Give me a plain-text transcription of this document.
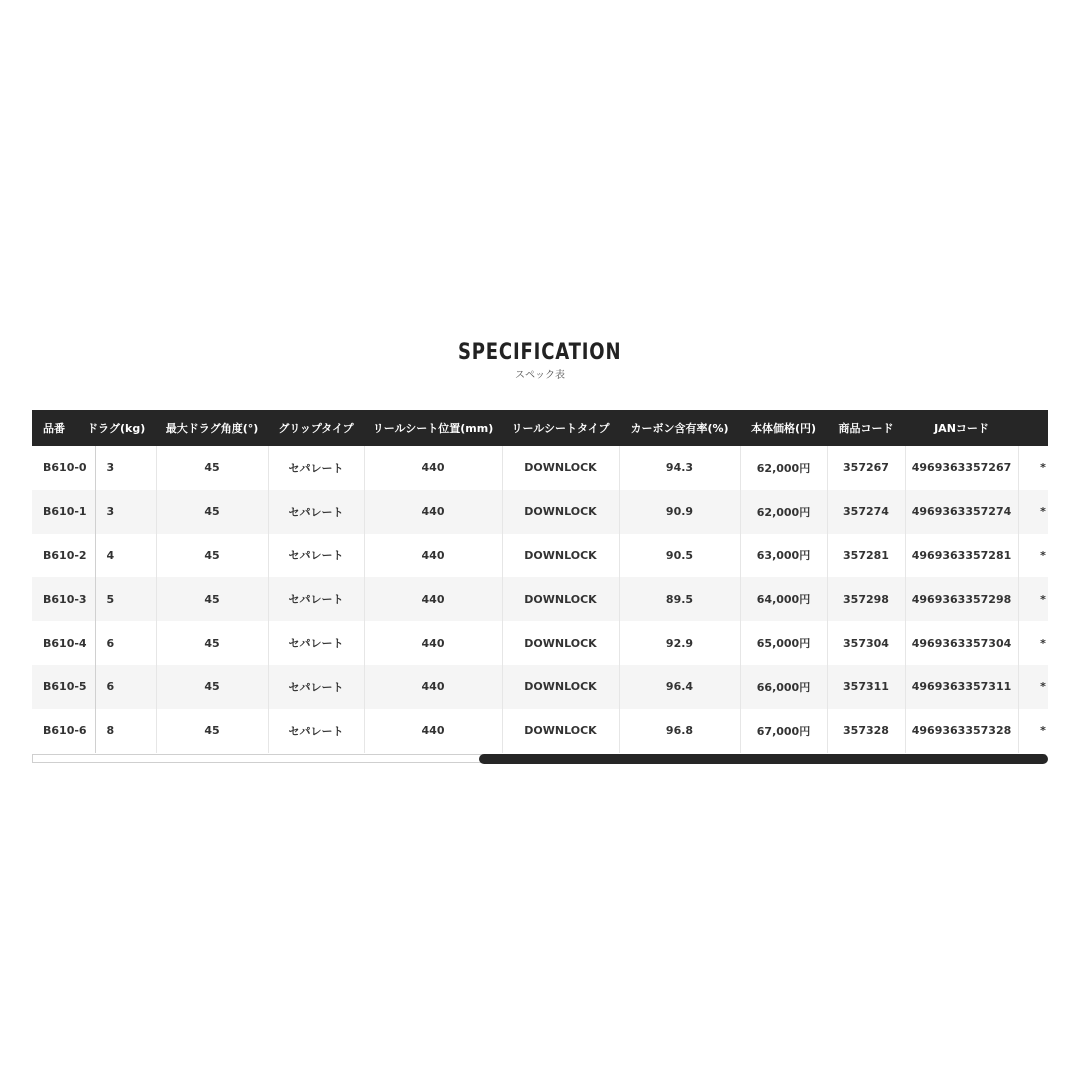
SPECIFICATION
スペック表
品番	ドラグ(kg)	最大ドラグ角度(°)	グリップタイプ	リールシート位置(mm)	リールシートタイプ	カーボン含有率(%)	本体価格(円)	商品コード	JANコード	
B610-0	3	45	セパレート	440	DOWNLOCK	94.3	62,000円	357267	4969363357267	*
B610-1	3	45	セパレート	440	DOWNLOCK	90.9	62,000円	357274	4969363357274	*
B610-2	4	45	セパレート	440	DOWNLOCK	90.5	63,000円	357281	4969363357281	*
B610-3	5	45	セパレート	440	DOWNLOCK	89.5	64,000円	357298	4969363357298	*
B610-4	6	45	セパレート	440	DOWNLOCK	92.9	65,000円	357304	4969363357304	*
B610-5	6	45	セパレート	440	DOWNLOCK	96.4	66,000円	357311	4969363357311	*
B610-6	8	45	セパレート	440	DOWNLOCK	96.8	67,000円	357328	4969363357328	*
